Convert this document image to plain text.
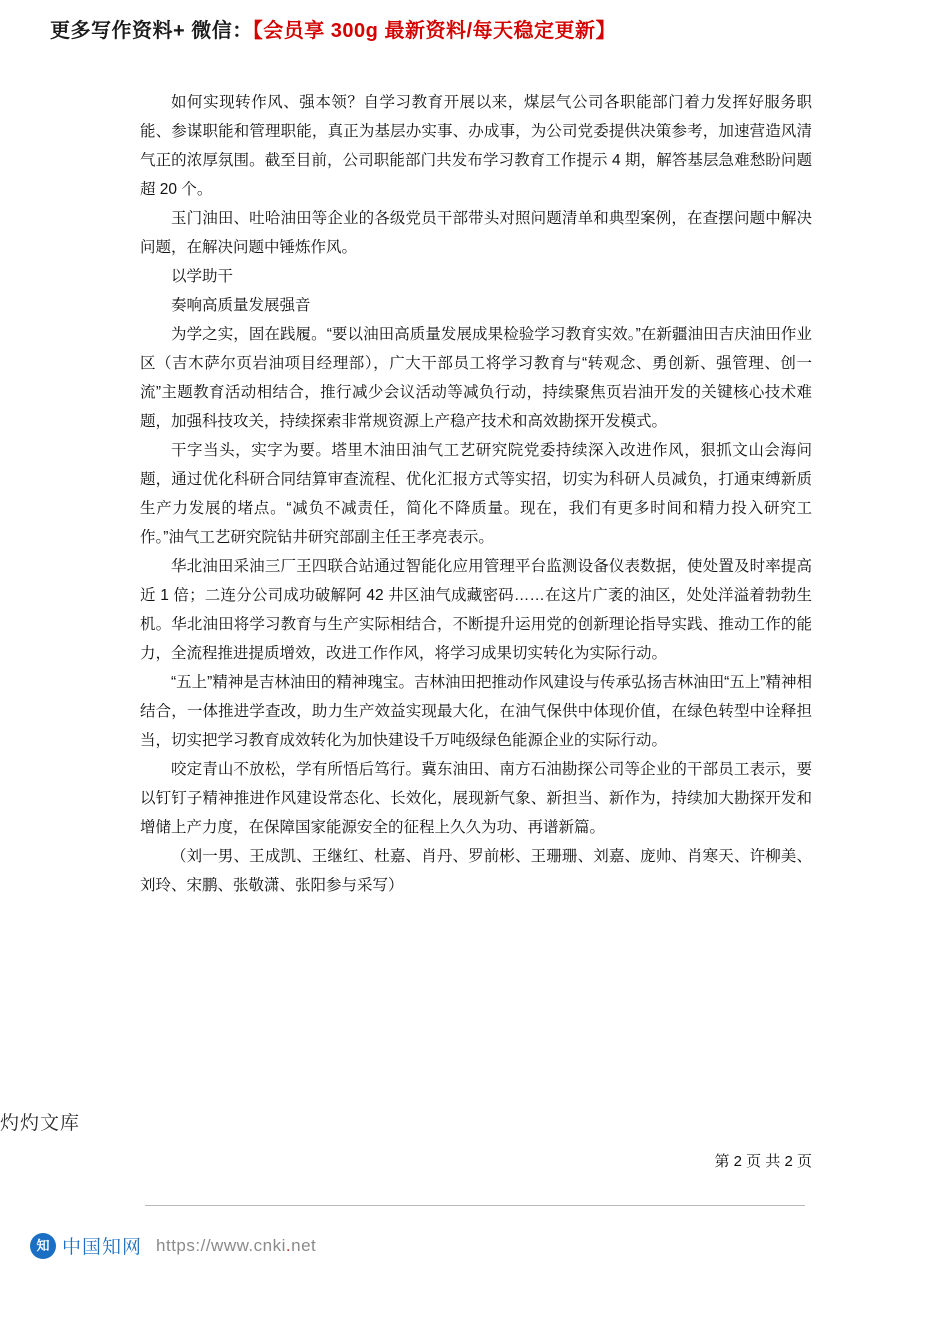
更多写作资料+ 微信：【会员享 300g 最新资料/每天稳定更新】

如何实现转作风、强本领？自学习教育开展以来，煤层气公司各职能部门着力发挥好服务职能、参谋职能和管理职能，真正为基层办实事、办成事，为公司党委提供决策参考，加速营造风清气正的浓厚氛围。截至目前，公司职能部门共发布学习教育工作提示 4 期，解答基层急难愁盼问题超 20 个。

玉门油田、吐哈油田等企业的各级党员干部带头对照问题清单和典型案例，在查摆问题中解决问题，在解决问题中锤炼作风。

以学助干

奏响高质量发展强音

为学之实，固在践履。“要以油田高质量发展成果检验学习教育实效。”在新疆油田吉庆油田作业区（吉木萨尔页岩油项目经理部），广大干部员工将学习教育与“转观念、勇创新、强管理、创一流”主题教育活动相结合，推行减少会议活动等减负行动，持续聚焦页岩油开发的关键核心技术难题，加强科技攻关，持续探索非常规资源上产稳产技术和高效勘探开发模式。

干字当头，实字为要。塔里木油田油气工艺研究院党委持续深入改进作风，狠抓文山会海问题，通过优化科研合同结算审查流程、优化汇报方式等实招，切实为科研人员减负，打通束缚新质生产力发展的堵点。“减负不减责任，简化不降质量。现在，我们有更多时间和精力投入研究工作。”油气工艺研究院钻井研究部副主任王孝亮表示。

华北油田采油三厂王四联合站通过智能化应用管理平台监测设备仪表数据，使处置及时率提高近 1 倍；二连分公司成功破解阿 42 井区油气成藏密码……在这片广袤的油区，处处洋溢着勃勃生机。华北油田将学习教育与生产实际相结合，不断提升运用党的创新理论指导实践、推动工作的能力，全流程推进提质增效，改进工作作风，将学习成果切实转化为实际行动。

“五上”精神是吉林油田的精神瑰宝。吉林油田把推动作风建设与传承弘扬吉林油田“五上”精神相结合，一体推进学查改，助力生产效益实现最大化，在油气保供中体现价值，在绿色转型中诠释担当，切实把学习教育成效转化为加快建设千万吨级绿色能源企业的实际行动。

咬定青山不放松，学有所悟后笃行。冀东油田、南方石油勘探公司等企业的干部员工表示，要以钉钉子精神推进作风建设常态化、长效化，展现新气象、新担当、新作为，持续加大勘探开发和增储上产力度，在保障国家能源安全的征程上久久为功、再谱新篇。

（刘一男、王成凯、王继红、杜嘉、肖丹、罗前彬、王珊珊、刘嘉、庞帅、肖寒天、许柳美、刘玲、宋鹏、张敬潇、张阳参与采写）

第 2 页 共 2 页
灼灼文库
知 中国知网 https://www.cnki.net
